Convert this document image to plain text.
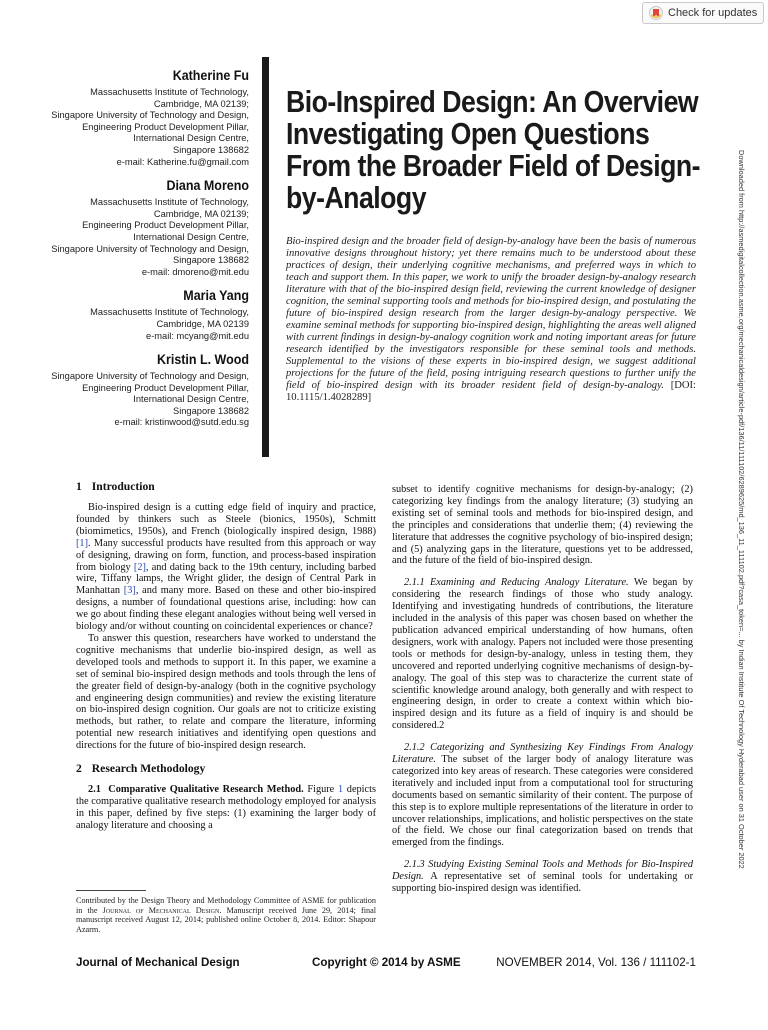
Check for updates
Katherine Fu
Massachusetts Institute of Technology,
Cambridge, MA 02139;
Singapore University of Technology and Design,
Engineering Product Development Pillar,
International Design Centre,
Singapore 138682
e-mail: Katherine.fu@gmail.com
Diana Moreno
Massachusetts Institute of Technology,
Cambridge, MA 02139;
Engineering Product Development Pillar,
International Design Centre,
Singapore University of Technology and Design,
Singapore 138682
e-mail: dmoreno@mit.edu
Maria Yang
Massachusetts Institute of Technology,
Cambridge, MA 02139
e-mail: mcyang@mit.edu
Kristin L. Wood
Singapore University of Technology and Design,
Engineering Product Development Pillar,
International Design Centre,
Singapore 138682
e-mail: kristinwood@sutd.edu.sg
Bio-Inspired Design: An Overview Investigating Open Questions From the Broader Field of Design-by-Analogy

Bio-inspired design and the broader field of design-by-analogy have been the basis of numerous innovative designs throughout history; yet there remains much to be understood about these practices of design, their underlying cognitive mechanisms, and preferred ways in which to teach and support them. In this paper, we work to unify the broader design-by-analogy research literature with that of the bio-inspired design field, reviewing the current knowledge of designer cognition, the seminal supporting tools and methods for bio-inspired design, and postulating the future of bio-inspired design research from the larger design-by-analogy perspective. We examine seminal methods for supporting bio-inspired design, highlighting the areas well aligned with current findings in design-by-analogy cognition work and noting important areas for future research identified by the investigators responsible for these seminal tools and methods. Supplemental to the visions of these experts in bio-inspired design, we suggest additional projections for the future of the field, posing intriguing research questions to further unify the field of bio-inspired design with its broader resident field of design-by-analogy. [DOI: 10.1115/1.4028289]	Downloaded from http://asmedigitalcollection.asme.org/mechanicaldesign/article-pdf/136/11/111102/6289625/md_136_11_111102.pdf?casa_token=... by Indian Institute Of Technology Hyderabad user on 31 October 2022
1 Introduction

Bio-inspired design is a cutting edge field of inquiry and practice, founded by thinkers such as Steele (bionics, 1950s), Schmitt (biomimetics, 1950s), and French (biologically inspired design, 1988) [1]. Many successful products have resulted from this approach or way of designing, drawing on form, function, and process-based inspiration from biology [2], and dating back to the 19th century, including barbed wire, Tiffany lamps, the Wright glider, the design of Central Park in Manhattan [3], and many more. Based on these and other bio-inspired designs, a number of foundational questions arise, including: how can we go about finding these elegant analogies without being well versed in biology and/or without counting on coincidental experiences or chance?

To answer this question, researchers have worked to understand the cognitive mechanisms that underlie bio-inspired design, as well as developed tools and methods to support it. In this paper, we examine a set of seminal bio-inspired design methods and tools through the lens of the greater field of design-by-analogy (both in the cognitive psychology and engineering design communities) and review the existing literature on bio-inspired design cognition. Our goals are not to criticize existing methods, but rather, to relate and compare the literature, informing potential new research initiatives and identifying open questions and directions for the future of bio-inspired design research.

2 Research Methodology

2.1 Comparative Qualitative Research Method. Figure 1 depicts the comparative qualitative research methodology employed for analysis in this paper, defined by five steps: (1) examining the larger body of analogy literature and choosing a

Contributed by the Design Theory and Methodology Committee of ASME for publication in the Journal of Mechanical Design. Manuscript received June 29, 2014; final manuscript received August 12, 2014; published online October 8, 2014. Editor: Shapour Azarm.

subset to identify cognitive mechanisms for design-by-analogy; (2) categorizing key findings from the analogy literature; (3) studying an existing set of seminal tools and methods for bio-inspired design, and the principles and considerations that underlie them; (4) reviewing the literature that addresses the cognitive psychology of bio-inspired design; and (5) analyzing gaps in the literature, questions yet to be addressed, and the future of the field of bio-inspired design.

2.1.1 Examining and Reducing Analogy Literature. We began by considering the research findings of those who study analogy. Identifying and investigating hundreds of contributions, the literature included in the analysis of this paper was chosen based on whether the publication advanced empirical understanding of how humans, often designers, work with analogy. Papers not included were those presenting tools or methods for design-by-analogy, unless in testing them, they uncovered and reported underlying cognitive mechanisms of design-by-analogy. The goal of this step was to characterize the current state of scientific knowledge around analogy, both generally and with respect to engineering design, in order to create a context within which bio-inspired design and its future as a field of inquiry is and should be considered.2

2.1.2 Categorizing and Synthesizing Key Findings From Analogy Literature. The subset of the larger body of analogy literature was categorized into key areas of research. These categories were considered iteratively and included input from a computational tool for structuring documents based on semantic similarity of their content. The purpose of this step is to explore multiple representations of the literature in order to uncover relationships, implications, and holistic perspectives on the state of the field. We chose our final categorization based on trends that emerged from the findings.

2.1.3 Studying Existing Seminal Tools and Methods for Bio-Inspired Design. A representative set of seminal tools for undertaking or supporting bio-inspired design was identified.

Journal of Mechanical Design	Copyright © 2014 by ASME	NOVEMBER 2014, Vol. 136 / 111102-1
